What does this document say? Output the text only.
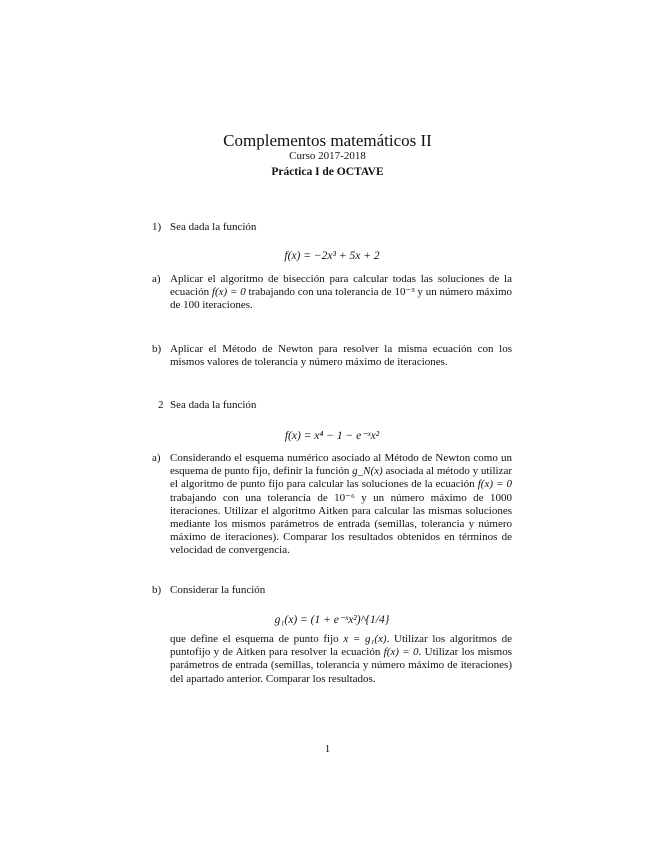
Complementos matemáticos II
Curso 2017-2018
Práctica I de OCTAVE
1) Sea dada la función
f(x) = −2x³ + 5x + 2
a) Aplicar el algoritmo de bisección para calcular todas las soluciones de la ecuación f(x) = 0 trabajando con una tolerancia de 10⁻³ y un número máximo de 100 iteraciones.
b) Aplicar el Método de Newton para resolver la misma ecuación con los mismos valores de tolerancia y número máximo de iteraciones.
2 Sea dada la función
f(x) = x⁴ − 1 − e⁻ˣx²
a) Considerando el esquema numérico asociado al Método de Newton como un esquema de punto fijo, definir la función g_N(x) asociada al método y utilizar el algoritmo de punto fijo para calcular las soluciones de la ecuación f(x) = 0 trabajando con una tolerancia de 10⁻⁶ y un número máximo de 1000 iteraciones. Utilizar el algoritmo Aitken para calcular las mismas soluciones mediante los mismos parámetros de entrada (semillas, tolerancia y número máximo de iteraciones). Comparar los resultados obtenidos en términos de velocidad de convergencia.
b) Considerar la función
g₁(x) = (1 + e⁻ˣx²)^{1/4}
que define el esquema de punto fijo x = g₁(x). Utilizar los algoritmos de puntofijo y de Aitken para resolver la ecuación f(x) = 0. Utilizar los mismos parámetros de entrada (semillas, tolerancia y número máximo de iteraciones) del apartado anterior. Comparar los resultados.
1
